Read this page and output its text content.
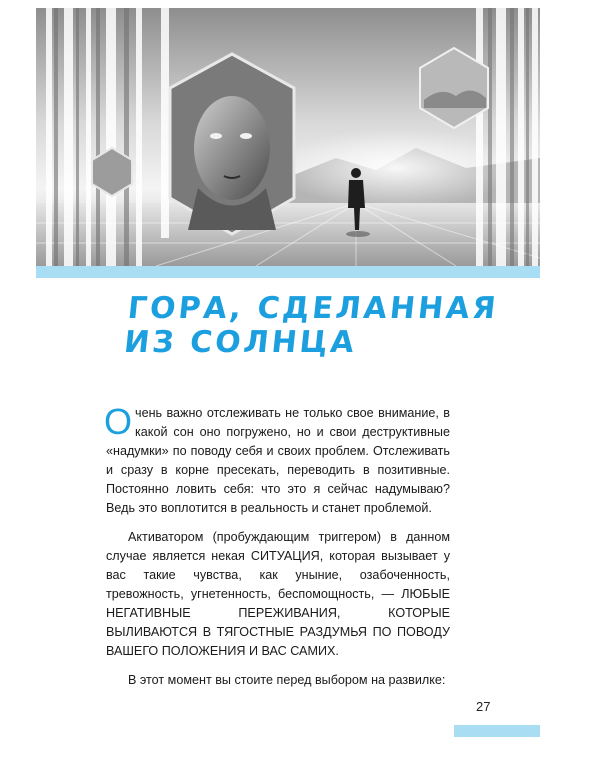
ГОРА, СДЕЛАННАЯ
ИЗ СОЛНЦА

Очень важно отслеживать не только свое внимание, в какой сон оно погружено, но и свои деструктивные «надумки» по поводу себя и своих проблем. Отслеживать и сразу в корне пресекать, переводить в позитивные. Постоянно ловить себя: что это я сейчас надумываю? Ведь это воплотится в реальность и станет проблемой.

Активатором (пробуждающим триггером) в данном случае является некая СИТУАЦИЯ, которая вызывает у вас такие чувства, как уныние, озабоченность, тревожность, угнетенность, беспомощность, — ЛЮБЫЕ НЕГАТИВНЫЕ ПЕРЕЖИВАНИЯ, КОТОРЫЕ ВЫЛИВАЮТСЯ В ТЯГОСТНЫЕ РАЗДУМЬЯ ПО ПОВОДУ ВАШЕГО ПОЛОЖЕНИЯ И ВАС САМИХ.

В этот момент вы стоите перед выбором на развилке:

27
